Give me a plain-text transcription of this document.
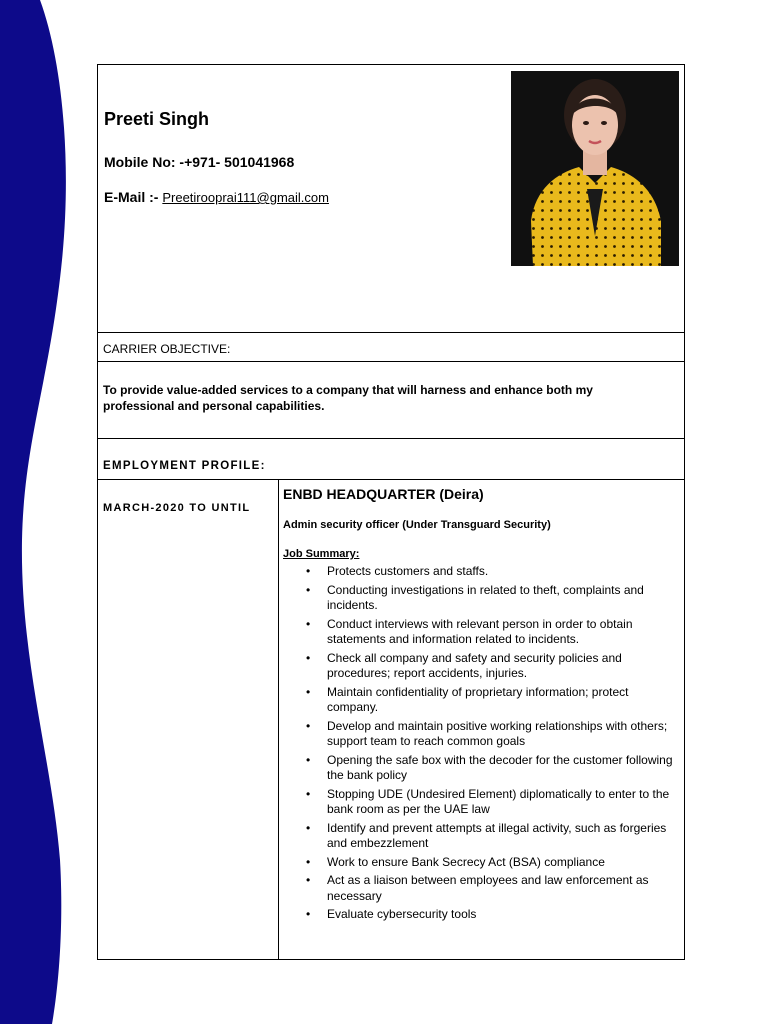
Preeti Singh
Mobile No: -+971- 501041968
E-Mail :- Preetirooprai111@gmail.com
CARRIER OBJECTIVE:
To provide value-added services to a company that will harness and enhance both my professional and personal capabilities.
EMPLOYMENT PROFILE:
MARCH-2020 TO UNTIL
ENBD HEADQUARTER (Deira)
Admin security officer (Under Transguard Security)
Job Summary:
• Protects customers and staffs.
• Conducting investigations in related to theft, complaints and incidents.
• Conduct interviews with relevant person in order to obtain statements and information related to incidents.
• Check all company and safety and security policies and procedures; report accidents, injuries.
• Maintain confidentiality of proprietary information; protect company.
• Develop and maintain positive working relationships with others; support team to reach common goals
• Opening the safe box with the decoder for the customer following the bank policy
• Stopping UDE (Undesired Element) diplomatically to enter to the bank room as per the UAE law
• Identify and prevent attempts at illegal activity, such as forgeries and embezzlement
• Work to ensure Bank Secrecy Act (BSA) compliance
• Act as a liaison between employees and law enforcement as necessary
• Evaluate cybersecurity tools
